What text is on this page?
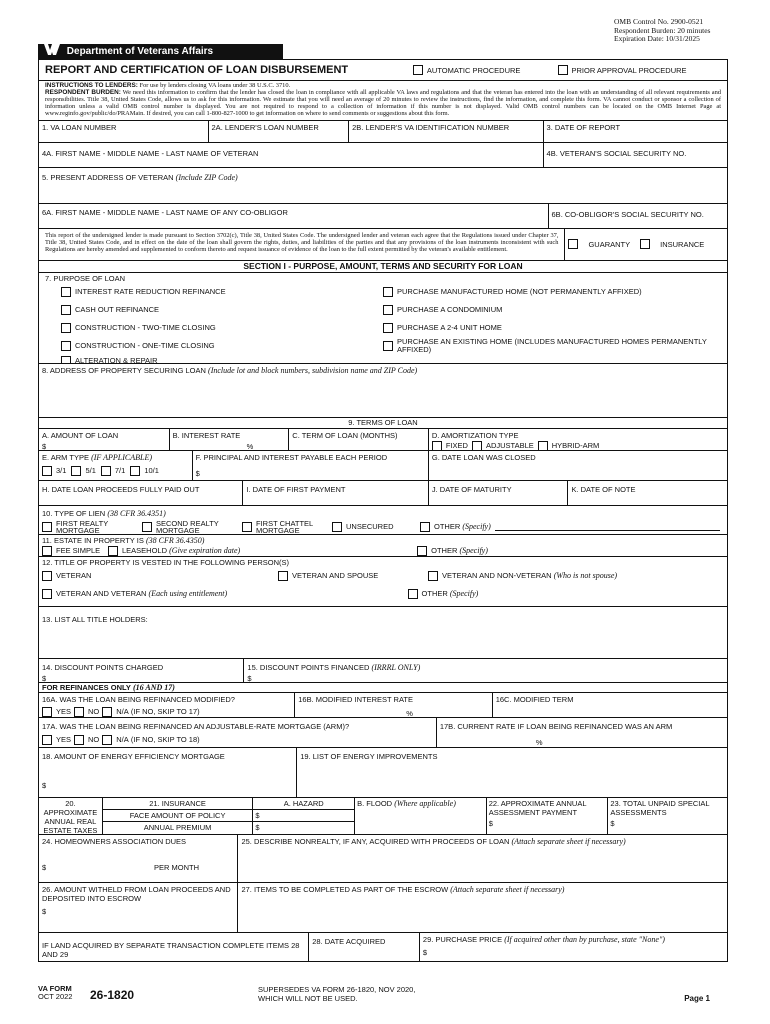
OMB Control No. 2900-0521
Respondent Burden: 20 minutes
Expiration Date: 10/31/2025
Department of Veterans Affairs
REPORT AND CERTIFICATION OF LOAN DISBURSEMENT	AUTOMATIC PROCEDURE	PRIOR APPROVAL PROCEDURE
INSTRUCTIONS TO LENDERS: For use by lenders closing VA loans under 38 U.S.C. 3710.
RESPONDENT BURDEN: We need this information to confirm that the lender has closed the loan in compliance with all applicable VA laws and regulations and that the veteran has entered into the loan with an understanding of all relevant requirements and responsibilities. Title 38, United States Code, allows us to ask for this information. We estimate that you will need an average of 20 minutes to review the instructions, find the information, and complete this form. VA cannot conduct or sponsor a collection of information unless a valid OMB control number is displayed. You are not required to respond to a collection of information if this number is not displayed. Valid OMB control numbers can be located on the OMB Internet Page at www.reginfo.gov/public/do/PRAMain. If desired, you can call 1-800-827-1000 to get information on where to send comments or suggestions about this form.
1. VA LOAN NUMBER	2A. LENDER'S LOAN NUMBER	2B. LENDER'S VA IDENTIFICATION NUMBER	3. DATE OF REPORT
4A. FIRST NAME - MIDDLE NAME - LAST NAME OF VETERAN	4B. VETERAN'S SOCIAL SECURITY NO.
5. PRESENT ADDRESS OF VETERAN (Include ZIP Code)
6A. FIRST NAME - MIDDLE NAME - LAST NAME OF ANY CO-OBLIGOR	6B. CO-OBLIGOR'S SOCIAL SECURITY NO.
This report of the undersigned lender is made pursuant to Section 3702(c), Title 38, United States Code. The undersigned lender and veteran each agree that the Regulations issued under Chapter 37, Title 38, United States Code, and in effect on the date of the loan shall govern the rights, duties, and liabilities of the parties and that any provisions of the loan instruments inconsistent with such Regulations are hereby amended and supplemented to conform thereto and request issuance of evidence of the loan to the full extent permitted by the veteran's available entitlement.
GUARANTY	INSURANCE
SECTION I - PURPOSE, AMOUNT, TERMS AND SECURITY FOR LOAN
7. PURPOSE OF LOAN
INTEREST RATE REDUCTION REFINANCE	PURCHASE MANUFACTURED HOME (NOT PERMANENTLY AFFIXED)
CASH OUT REFINANCE	PURCHASE A CONDOMINIUM
CONSTRUCTION - TWO-TIME CLOSING	PURCHASE A 2-4 UNIT HOME
CONSTRUCTION - ONE-TIME CLOSING	PURCHASE AN EXISTING HOME (INCLUDES MANUFACTURED HOMES PERMANENTLY AFFIXED)
ALTERATION & REPAIR
8. ADDRESS OF PROPERTY SECURING LOAN (Include lot and block numbers, subdivision name and ZIP Code)
9. TERMS OF LOAN
A. AMOUNT OF LOAN
$
B. INTEREST RATE
%
C. TERM OF LOAN (MONTHS)	D. AMORTIZATION TYPE
FIXED ADJUSTABLE HYBRID-ARM
E. ARM TYPE (IF APPLICABLE)
3/1	5/1	7/1	10/1
F. PRINCIPAL AND INTEREST PAYABLE EACH PERIOD
$
G. DATE LOAN WAS CLOSED
H. DATE LOAN PROCEEDS FULLY PAID OUT	I. DATE OF FIRST PAYMENT	J. DATE OF MATURITY	K. DATE OF NOTE
10. TYPE OF LIEN (38 CFR 36.4351)
FIRST REALTY MORTGAGE
SECOND REALTY MORTGAGE
FIRST CHATTEL MORTGAGE	UNSECURED	OTHER
(Specify)
11. ESTATE IN PROPERTY IS (38 CFR 36.4350)
FEE SIMPLE	LEASEHOLD
(Give expiration date)	OTHER
(Specify)
12. TITLE OF PROPERTY IS VESTED IN THE FOLLOWING PERSON(S)
VETERAN	VETERAN AND SPOUSE	VETERAN AND NON-VETERAN
(Who is not spouse)
VETERAN AND VETERAN
(Each using entitlement)	OTHER
(Specify)
13. LIST ALL TITLE HOLDERS:
14. DISCOUNT POINTS CHARGED
$
15. DISCOUNT POINTS FINANCED (IRRRL ONLY)
$
FOR REFINANCES ONLY
(16 AND 17)
16A. WAS THE LOAN BEING REFINANCED MODIFIED?
YES NO N/A
(IF NO, SKIP TO 17)
16B. MODIFIED INTEREST RATE
%
16C. MODIFIED TERM
17A. WAS THE LOAN BEING REFINANCED AN ADJUSTABLE-RATE MORTGAGE (ARM)?
YES NO N/A
(IF NO, SKIP TO 18)
17B. CURRENT RATE IF LOAN BEING REFINANCED WAS AN ARM
%
18. AMOUNT OF ENERGY EFFICIENCY MORTGAGE
$
19. LIST OF ENERGY IMPROVEMENTS
20. APPROXIMATE ANNUAL REAL ESTATE TAXES
21. INSURANCE
FACE AMOUNT OF POLICY
ANNUAL PREMIUM
A. HAZARD
$
$
B. FLOOD (Where applicable)	22. APPROXIMATE ANNUAL ASSESSMENT PAYMENT
$
23. TOTAL UNPAID SPECIAL ASSESSMENTS
$
24. HOMEOWNERS ASSOCIATION DUES
$	PER MONTH
25. DESCRIBE NONREALTY, IF ANY, ACQUIRED WITH PROCEEDS OF LOAN (Attach separate sheet if necessary)
26. AMOUNT WITHELD FROM LOAN PROCEEDS AND DEPOSITED INTO ESCROW
$
27. ITEMS TO BE COMPLETED AS PART OF THE ESCROW (Attach separate sheet if necessary)
IF LAND ACQUIRED BY SEPARATE TRANSACTION COMPLETE ITEMS 28 AND 29
28. DATE ACQUIRED	29. PURCHASE PRICE (If acquired other than by purchase, state "None")
$
VA FORM
OCT 2022 26-1820	SUPERSEDES VA FORM 26-1820, NOV 2020,
WHICH WILL NOT BE USED.	Page 1
